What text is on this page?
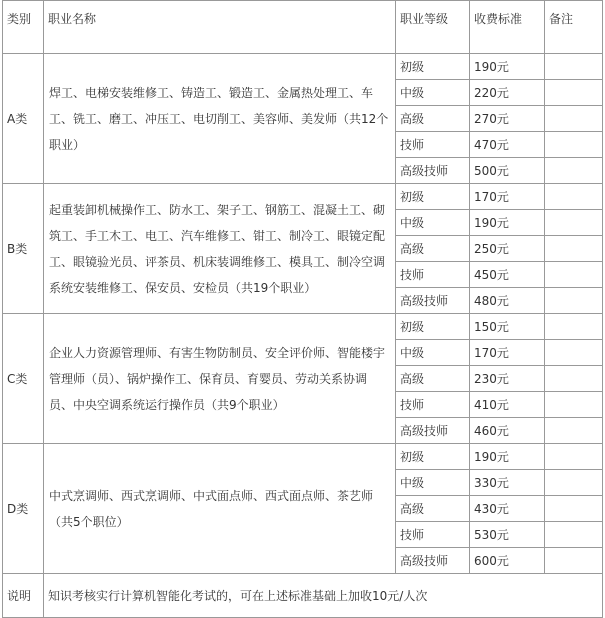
类别	职业名称	职业等级	收费标准	备注
A类	焊工、电梯安装维修工、铸造工、锻造工、金属热处理工、车工、铣工、磨工、冲压工、电切削工、美容师、美发师（共12个职业）	初级	190元	
		中级	220元	
		高级	270元	
		技师	470元	
		高级技师	500元	
B类	起重装卸机械操作工、防水工、架子工、钢筋工、混凝土工、砌筑工、手工木工、电工、汽车维修工、钳工、制冷工、眼镜定配工、眼镜验光员、评茶员、机床装调维修工、模具工、制冷空调系统安装维修工、保安员、安检员（共19个职业）	初级	170元	
		中级	190元	
		高级	250元	
		技师	450元	
		高级技师	480元	
C类	企业人力资源管理师、有害生物防制员、安全评价师、智能楼宇管理师（员）、锅炉操作工、保育员、育婴员、劳动关系协调员、中央空调系统运行操作员（共9个职业）	初级	150元	
		中级	170元	
		高级	230元	
		技师	410元	
		高级技师	460元	
D类	中式烹调师、西式烹调师、中式面点师、西式面点师、茶艺师（共5个职位）	初级	190元	
		中级	330元	
		高级	430元	
		技师	530元	
		高级技师	600元	
说明	知识考核实行计算机智能化考试的，可在上述标准基础上加收10元/人次			
